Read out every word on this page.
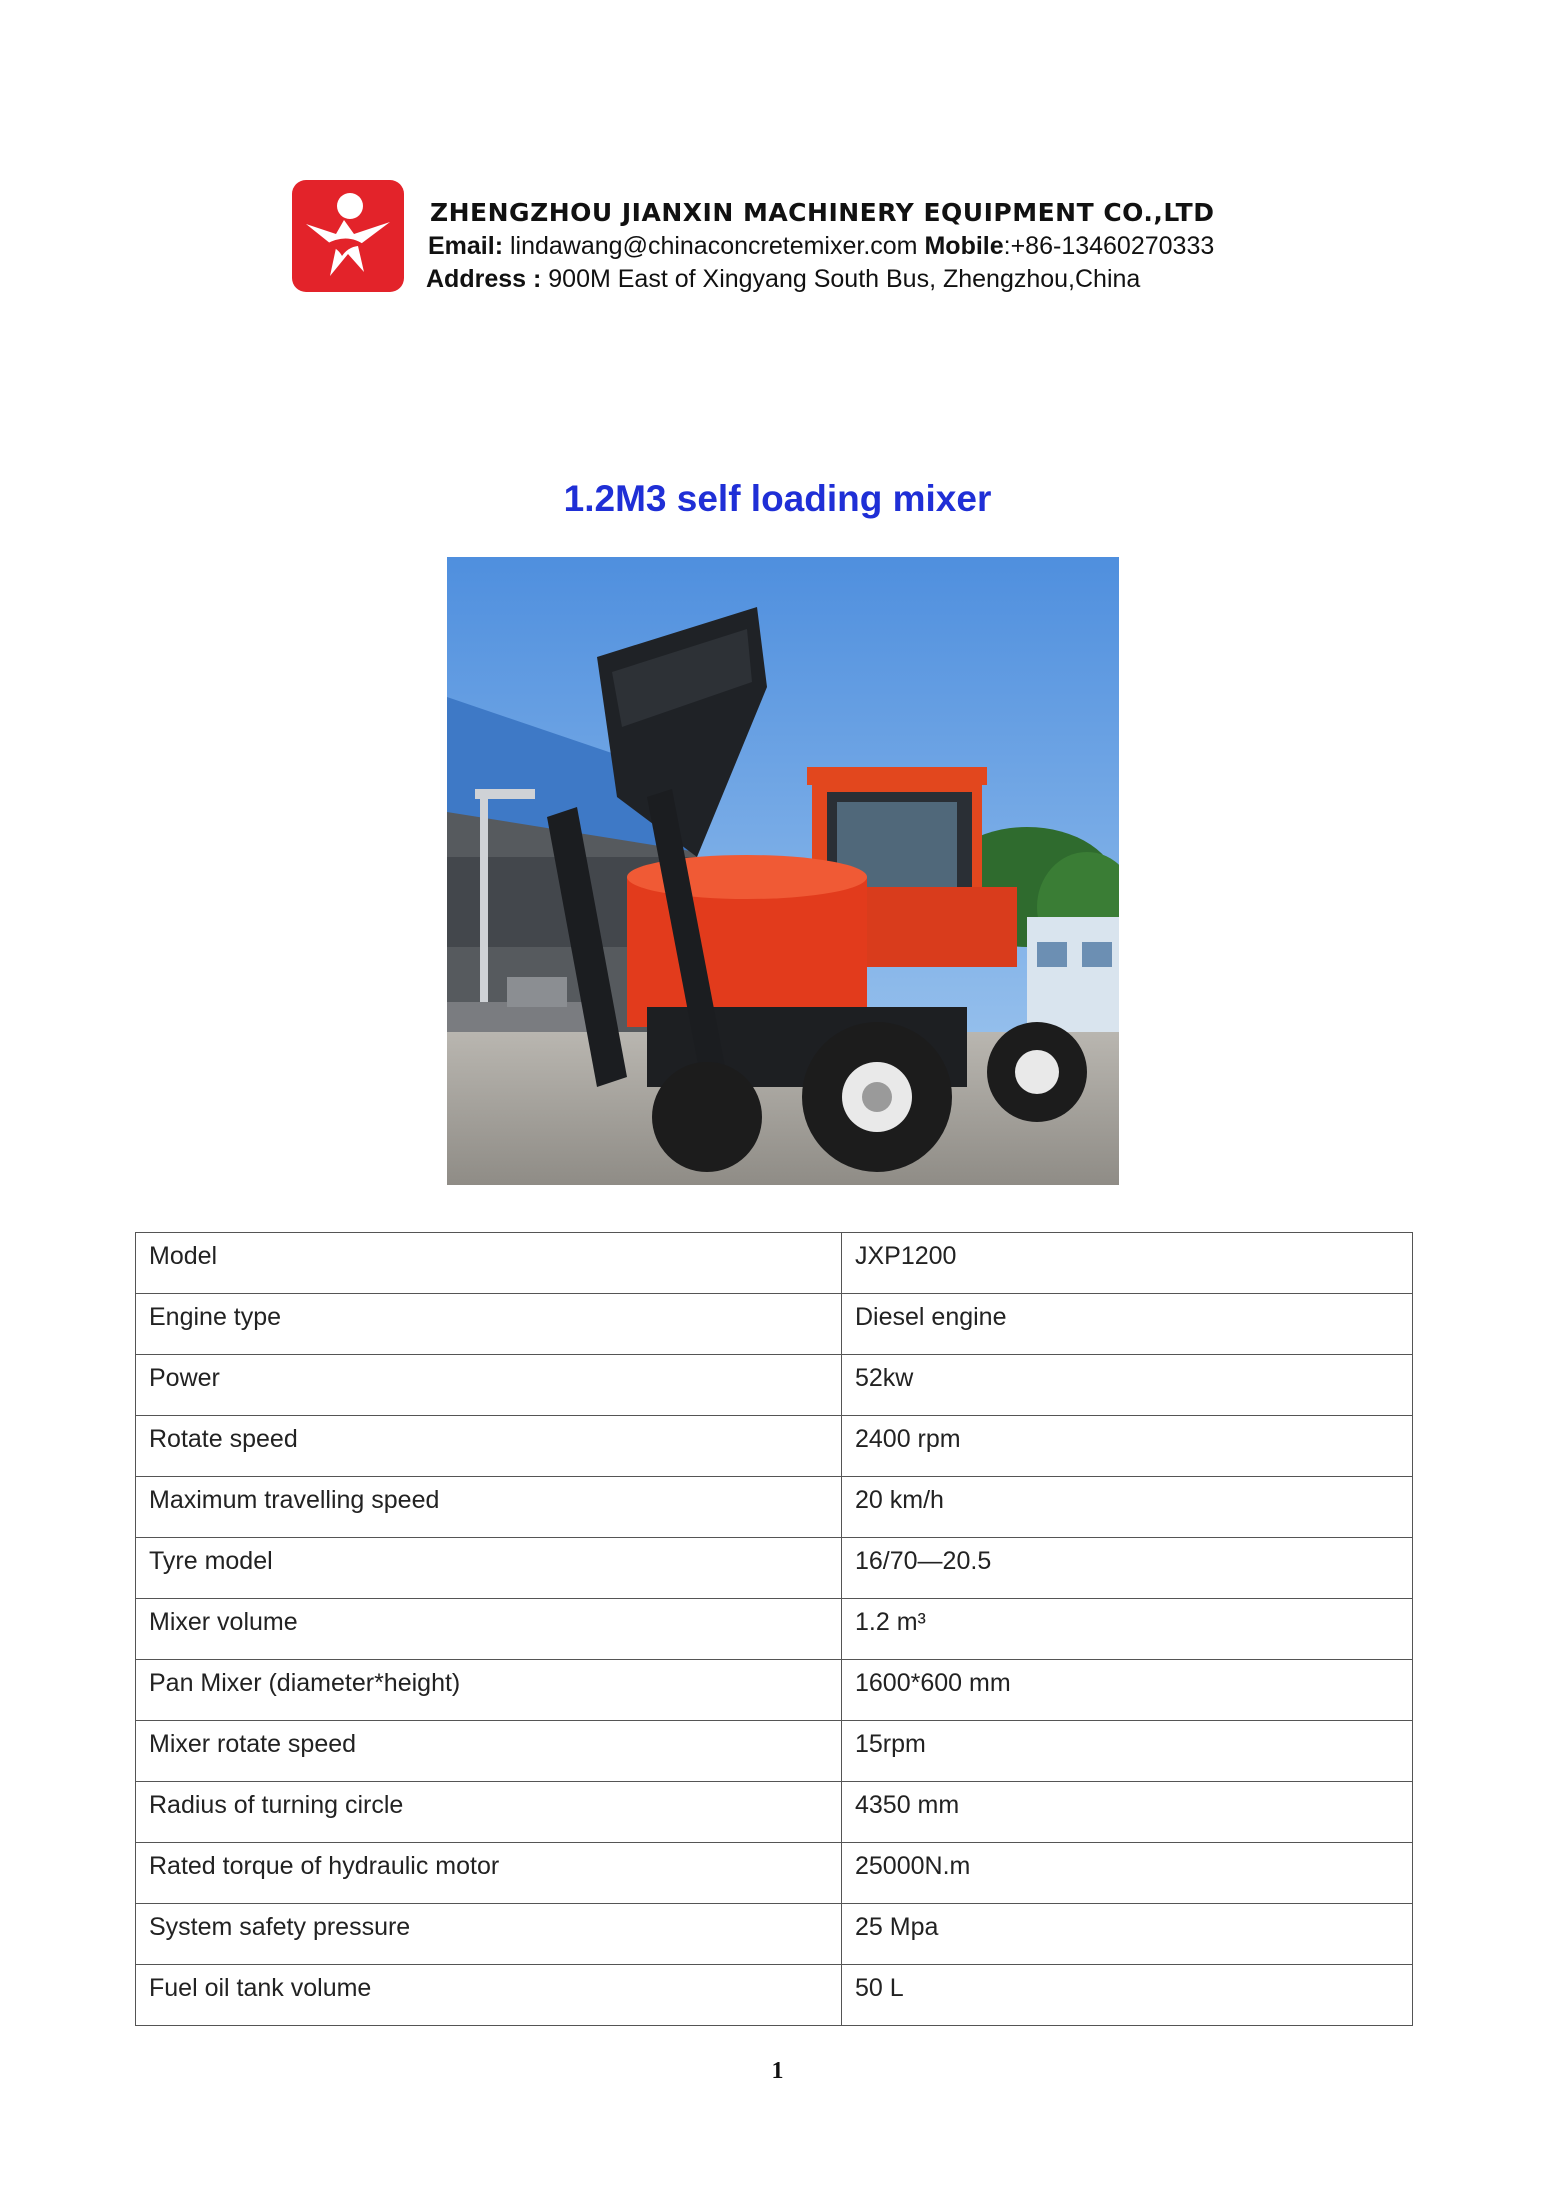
ZHENGZHOU JIANXIN MACHINERY EQUIPMENT CO.,LTD
Email: lindawang@chinaconcretemixer.com Mobile:+86-13460270333
Address : 900M East of Xingyang South Bus, Zhengzhou,China
1.2M3 self loading mixer
Model	JXP1200
Engine type	Diesel engine
Power	52kw
Rotate speed	2400 rpm
Maximum travelling speed	20 km/h
Tyre model	16/70—20.5
Mixer volume	1.2 m³
Pan Mixer (diameter*height)	1600*600 mm
Mixer rotate speed	15rpm
Radius of turning circle	4350 mm
Rated torque of hydraulic motor	25000N.m
System safety pressure	25 Mpa
Fuel oil tank volume	50 L
1
